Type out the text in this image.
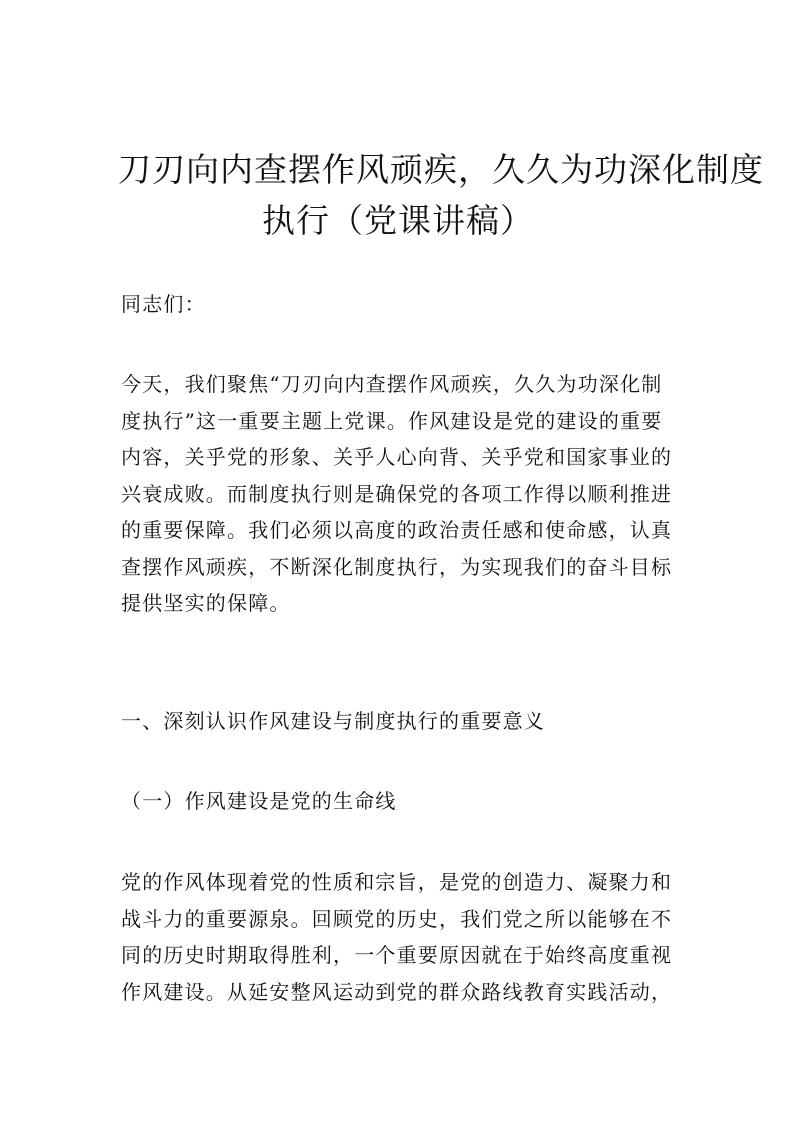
刀刃向内查摆作风顽疾，久久为功深化制度
执行（党课讲稿）

同志们：

今天，我们聚焦“刀刃向内查摆作风顽疾，久久为功深化制
度执行”这一重要主题上党课。作风建设是党的建设的重要
内容，关乎党的形象、关乎人心向背、关乎党和国家事业的
兴衰成败。而制度执行则是确保党的各项工作得以顺利推进
的重要保障。我们必须以高度的政治责任感和使命感，认真
查摆作风顽疾，不断深化制度执行，为实现我们的奋斗目标
提供坚实的保障。

一、深刻认识作风建设与制度执行的重要意义

（一）作风建设是党的生命线

党的作风体现着党的性质和宗旨，是党的创造力、凝聚力和
战斗力的重要源泉。回顾党的历史，我们党之所以能够在不
同的历史时期取得胜利，一个重要原因就在于始终高度重视
作风建设。从延安整风运动到党的群众路线教育实践活动，
